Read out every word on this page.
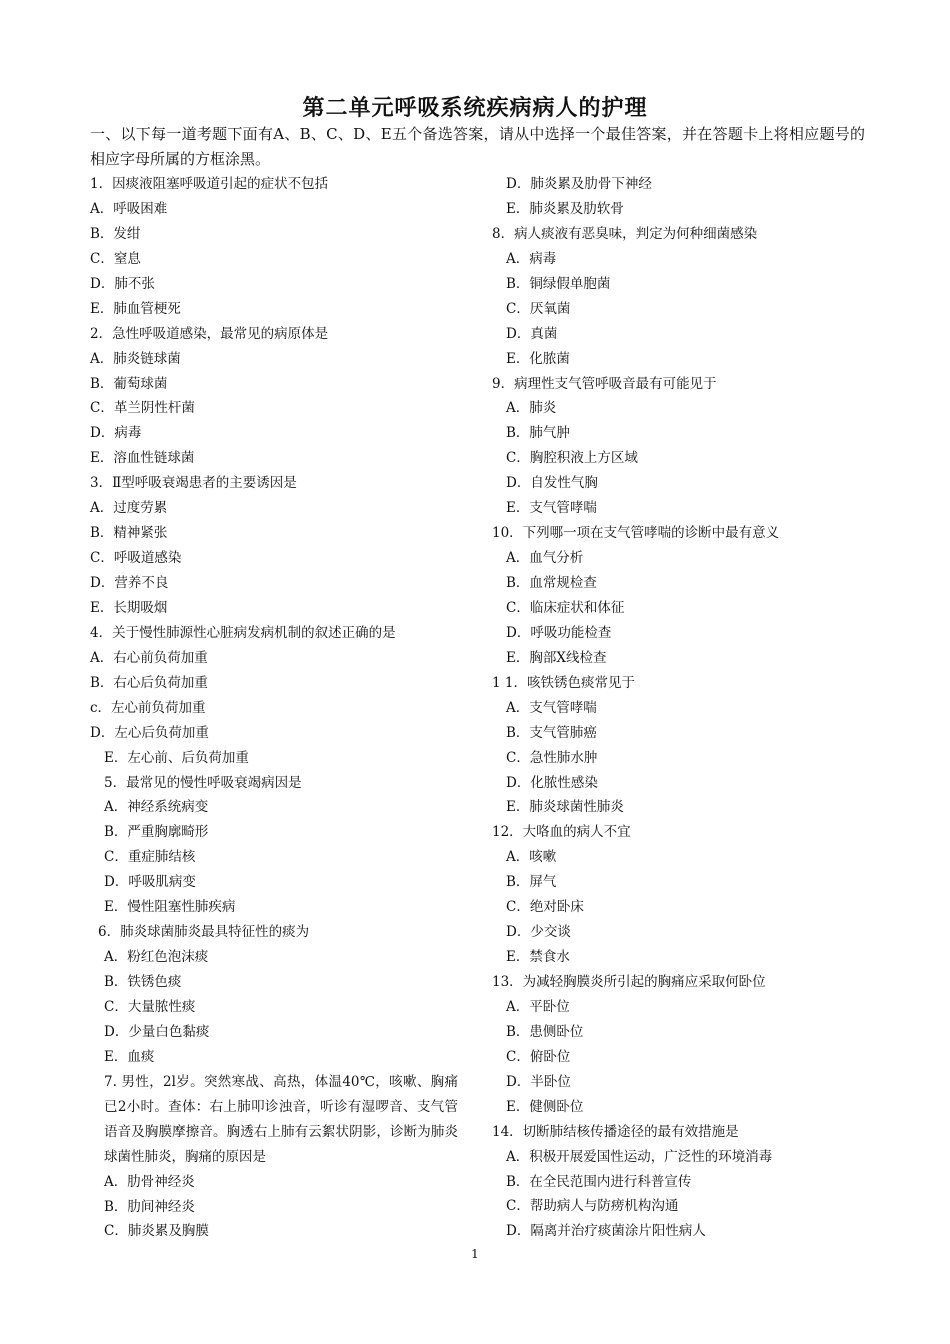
第二单元呼吸系统疾病病人的护理
一、以下每一道考题下面有A、B、C、D、E五个备选答案，请从中选择一个最佳答案，并在答题卡上将相应题号的相应字母所属的方框涂黑。
1．因痰液阻塞呼吸道引起的症状不包括
A．呼吸困难
B．发绀
C．窒息
D．肺不张
E．肺血管梗死
2．急性呼吸道感染，最常见的病原体是
A．肺炎链球菌
B．葡萄球菌
C．革兰阴性杆菌
D．病毒
E．溶血性链球菌
3．Ⅱ型呼吸衰竭患者的主要诱因是
A．过度劳累
B．精神紧张
C．呼吸道感染
D．营养不良
E．长期吸烟
4．关于慢性肺源性心脏病发病机制的叙述正确的是
A．右心前负荷加重
B．右心后负荷加重
c．左心前负荷加重
D．左心后负荷加重
E．左心前、后负荷加重
5．最常见的慢性呼吸衰竭病因是
A．神经系统病变
B．严重胸廓畸形
C．重症肺结核
D．呼吸肌病变
E．慢性阻塞性肺疾病
6．肺炎球菌肺炎最具特征性的痰为
A．粉红色泡沫痰
B．铁锈色痰
C．大量脓性痰
D．少量白色黏痰
E．血痰
7. 男性，2l岁。突然寒战、高热，体温40℃，咳嗽、胸痛已2小时。查体：右上肺叩诊浊音，听诊有湿啰音、支气管语音及胸膜摩擦音。胸透右上肺有云絮状阴影，诊断为肺炎球菌性肺炎，胸痛的原因是
A．肋骨神经炎
B．肋间神经炎
C．肺炎累及胸膜
D．肺炎累及肋骨下神经
E．肺炎累及肋软骨
8．病人痰液有恶臭味，判定为何种细菌感染
A．病毒
B．铜绿假单胞菌
C．厌氧菌
D．真菌
E．化脓菌
9．病理性支气管呼吸音最有可能见于
A．肺炎
B．肺气肿
C．胸腔积液上方区域
D．自发性气胸
E．支气管哮喘
10．下列哪一项在支气管哮喘的诊断中最有意义
A．血气分析
B．血常规检查
C．临床症状和体征
D．呼吸功能检查
E．胸部X线检查
1 1．咳铁锈色痰常见于
A．支气管哮喘
B．支气管肺癌
C．急性肺水肿
D．化脓性感染
E．肺炎球菌性肺炎
12．大咯血的病人不宜
A．咳嗽
B．屏气
C．绝对卧床
D．少交谈
E．禁食水
13．为减轻胸膜炎所引起的胸痛应采取何卧位
A．平卧位
B．患侧卧位
C．俯卧位
D．半卧位
E．健侧卧位
14．切断肺结核传播途径的最有效措施是
A．积极开展爱国性运动，广泛性的环境消毒
B．在全民范围内进行科普宣传
C．帮助病人与防痨机构沟通
D．隔离并治疗痰菌涂片阳性病人
1
